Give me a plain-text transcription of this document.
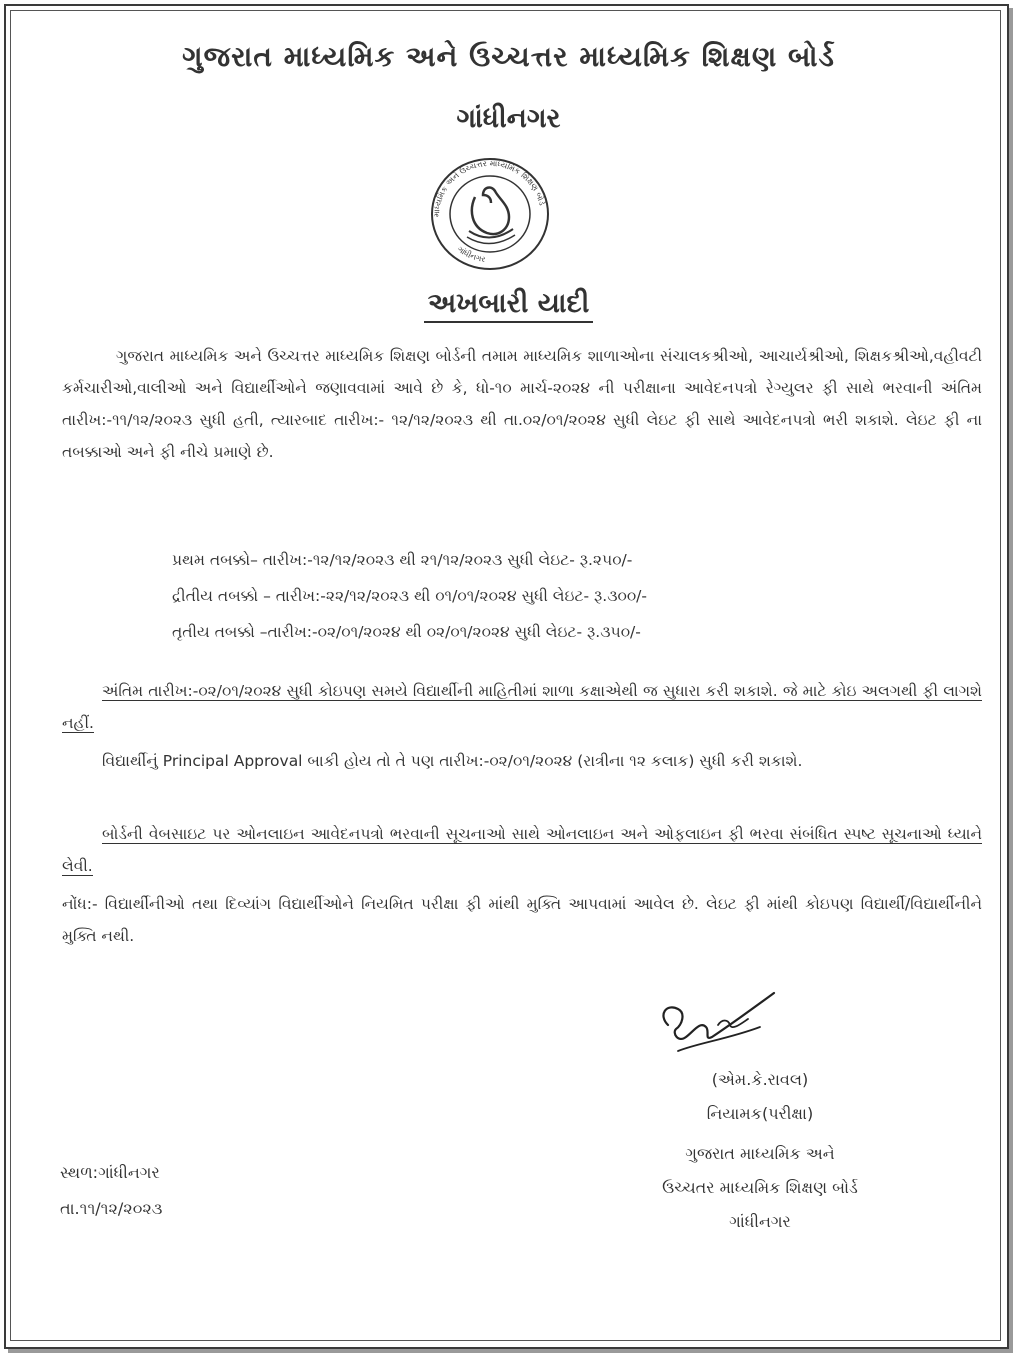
ગુજરાત માધ્યમિક અને ઉચ્ચત્તર માધ્યમિક શિક્ષણ બોર્ડ
ગાંધીનગર
માધ્યમિક અને ઉચ્ચત્તર માધ્યમિક શિક્ષણ બોર્ડ
ગાંધીનગર
અખબારી યાદી
ગુજરાત માધ્યમિક અને ઉચ્ચત્તર માધ્યમિક શિક્ષણ બોર્ડની તમામ માધ્યમિક શાળાઓના સંચાલકશ્રીઓ, આચાર્યશ્રીઓ, શિક્ષકશ્રીઓ,વહીવટી કર્મચારીઓ,વાલીઓ અને વિદ્યાર્થીઓને જણાવવામાં આવે છે કે, ધો-૧૦ માર્ચ-૨૦૨૪ ની પરીક્ષાના આવેદનપત્રો રેગ્યુલર ફી સાથે ભરવાની અંતિમ તારીખ:-૧૧/૧૨/૨૦૨૩ સુધી હતી, ત્યારબાદ તારીખ:- ૧૨/૧૨/૨૦૨૩ થી તા.૦૨/૦૧/૨૦૨૪ સુધી લેઇટ ફી સાથે આવેદનપત્રો ભરી શકાશે. લેઇટ ફી ના તબક્કાઓ અને ફી નીચે પ્રમાણે છે.
પ્રથમ તબક્કો– તારીખ:-૧૨/૧૨/૨૦૨૩ થી ૨૧/૧૨/૨૦૨૩ સુધી લેઇટ- રૂ.૨૫૦/-
દ્રીતીય તબક્કો – તારીખ:-૨૨/૧૨/૨૦૨૩ થી ૦૧/૦૧/૨૦૨૪ સુધી લેઇટ- રૂ.૩૦૦/-
તૃતીય તબક્કો –તારીખ:-૦૨/૦૧/૨૦૨૪ થી ૦૨/૦૧/૨૦૨૪ સુધી લેઇટ- રૂ.૩૫૦/-
અંતિમ તારીખ:-૦૨/૦૧/૨૦૨૪ સુધી કોઇપણ સમયે વિદ્યાર્થીની માહિતીમાં શાળા કક્ષાએથી જ સુધારા કરી શકાશે. જે માટે કોઇ અલગથી ફી લાગશે નહીં.
વિદ્યાર્થીનું Principal Approval બાકી હોય તો તે પણ તારીખ:-૦૨/૦૧/૨૦૨૪ (રાત્રીના ૧૨ કલાક) સુધી કરી શકાશે.
બોર્ડની વેબસાઇટ પર ઓનલાઇન આવેદનપત્રો ભરવાની સૂચનાઓ સાથે ઓનલાઇન અને ઓફલાઇન ફી ભરવા સંબંધિત સ્પષ્ટ સૂચનાઓ ધ્યાને લેવી.
નોંધ:- વિદ્યાર્થીનીઓ તથા દિવ્યાંગ વિદ્યાર્થીઓને નિયમિત પરીક્ષા ફી માંથી મુક્તિ આપવામાં આવેલ છે. લેઇટ ફી માંથી કોઇપણ વિદ્યાર્થી/વિદ્યાર્થીનીને મુક્તિ નથી.
(એમ.કે.રાવલ)
નિયામક(પરીક્ષા)
ગુજરાત માધ્યમિક અને
ઉચ્ચતર માધ્યમિક શિક્ષણ બોર્ડ
ગાંધીનગર
સ્થળ:ગાંધીનગર
તા.૧૧/૧૨/૨૦૨૩
